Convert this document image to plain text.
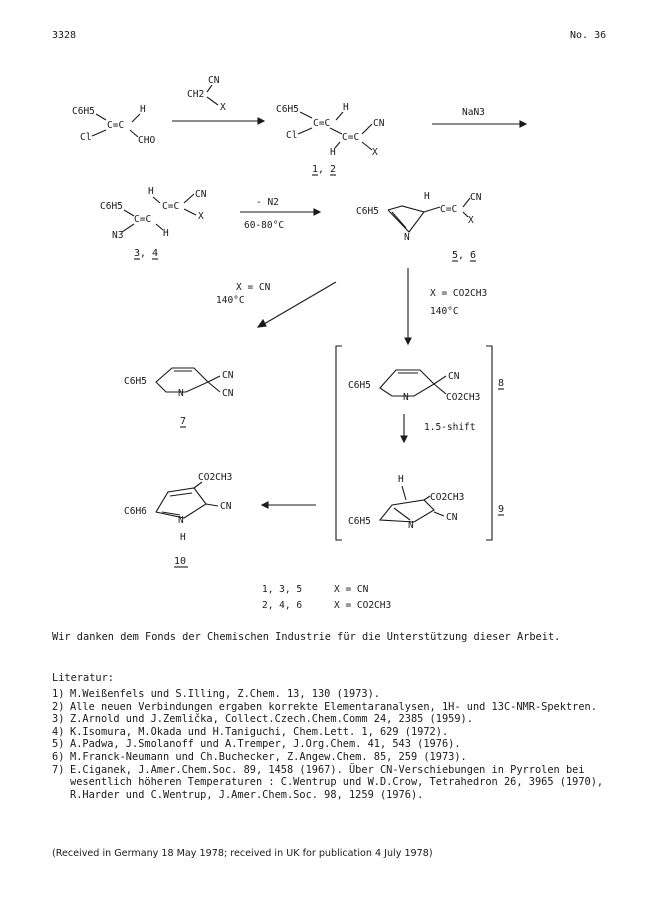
3328	No. 36
C6H5	H
C=C
Cl	CHO
CN
CH2
X	C6H5	H
C=C
Cl	C=C
CN
H	X
1, 2
NaN3
H
C=C
CN
X
C6H5
C=C
N3	H
3, 4
- N2
60-80°C
C6H5
H
C=C
CN
X
N
5, 6
X = CN
140°C
X = CO2CH3
140°C
C6H5
N
CN
CN
7
C6H5
N
CN
CO2CH3
8
1.5-shift
H
C6H5	N
CO2CH3
CN
9
C6H6
N
H
CO2CH3
CN
10
1, 3, 5	X = CN
2, 4, 6	X = CO2CH3
Wir danken dem Fonds der Chemischen Industrie für die Unterstützung dieser Arbeit.
Literatur:
1) M.Weißenfels und S.Illing, Z.Chem. 13, 130 (1973).
2) Alle neuen Verbindungen ergaben korrekte Elementaranalysen, 1H- und 13C-NMR-Spektren.
3) Z.Arnold und J.Zemlička, Collect.Czech.Chem.Comm 24, 2385 (1959).
4) K.Isomura, M.Okada und H.Taniguchi, Chem.Lett. 1, 629 (1972).
5) A.Padwa, J.Smolanoff und A.Tremper, J.Org.Chem. 41, 543 (1976).
6) M.Franck-Neumann und Ch.Buchecker, Z.Angew.Chem. 85, 259 (1973).
7) E.Ciganek, J.Amer.Chem.Soc. 89, 1458 (1967). Über CN-Verschiebungen in Pyrrolen bei wesentlich höheren Temperaturen : C.Wentrup und W.D.Crow, Tetrahedron 26, 3965 (1970), R.Harder und C.Wentrup, J.Amer.Chem.Soc. 98, 1259 (1976).
(Received in Germany 18 May 1978; received in UK for publication 4 July 1978)
